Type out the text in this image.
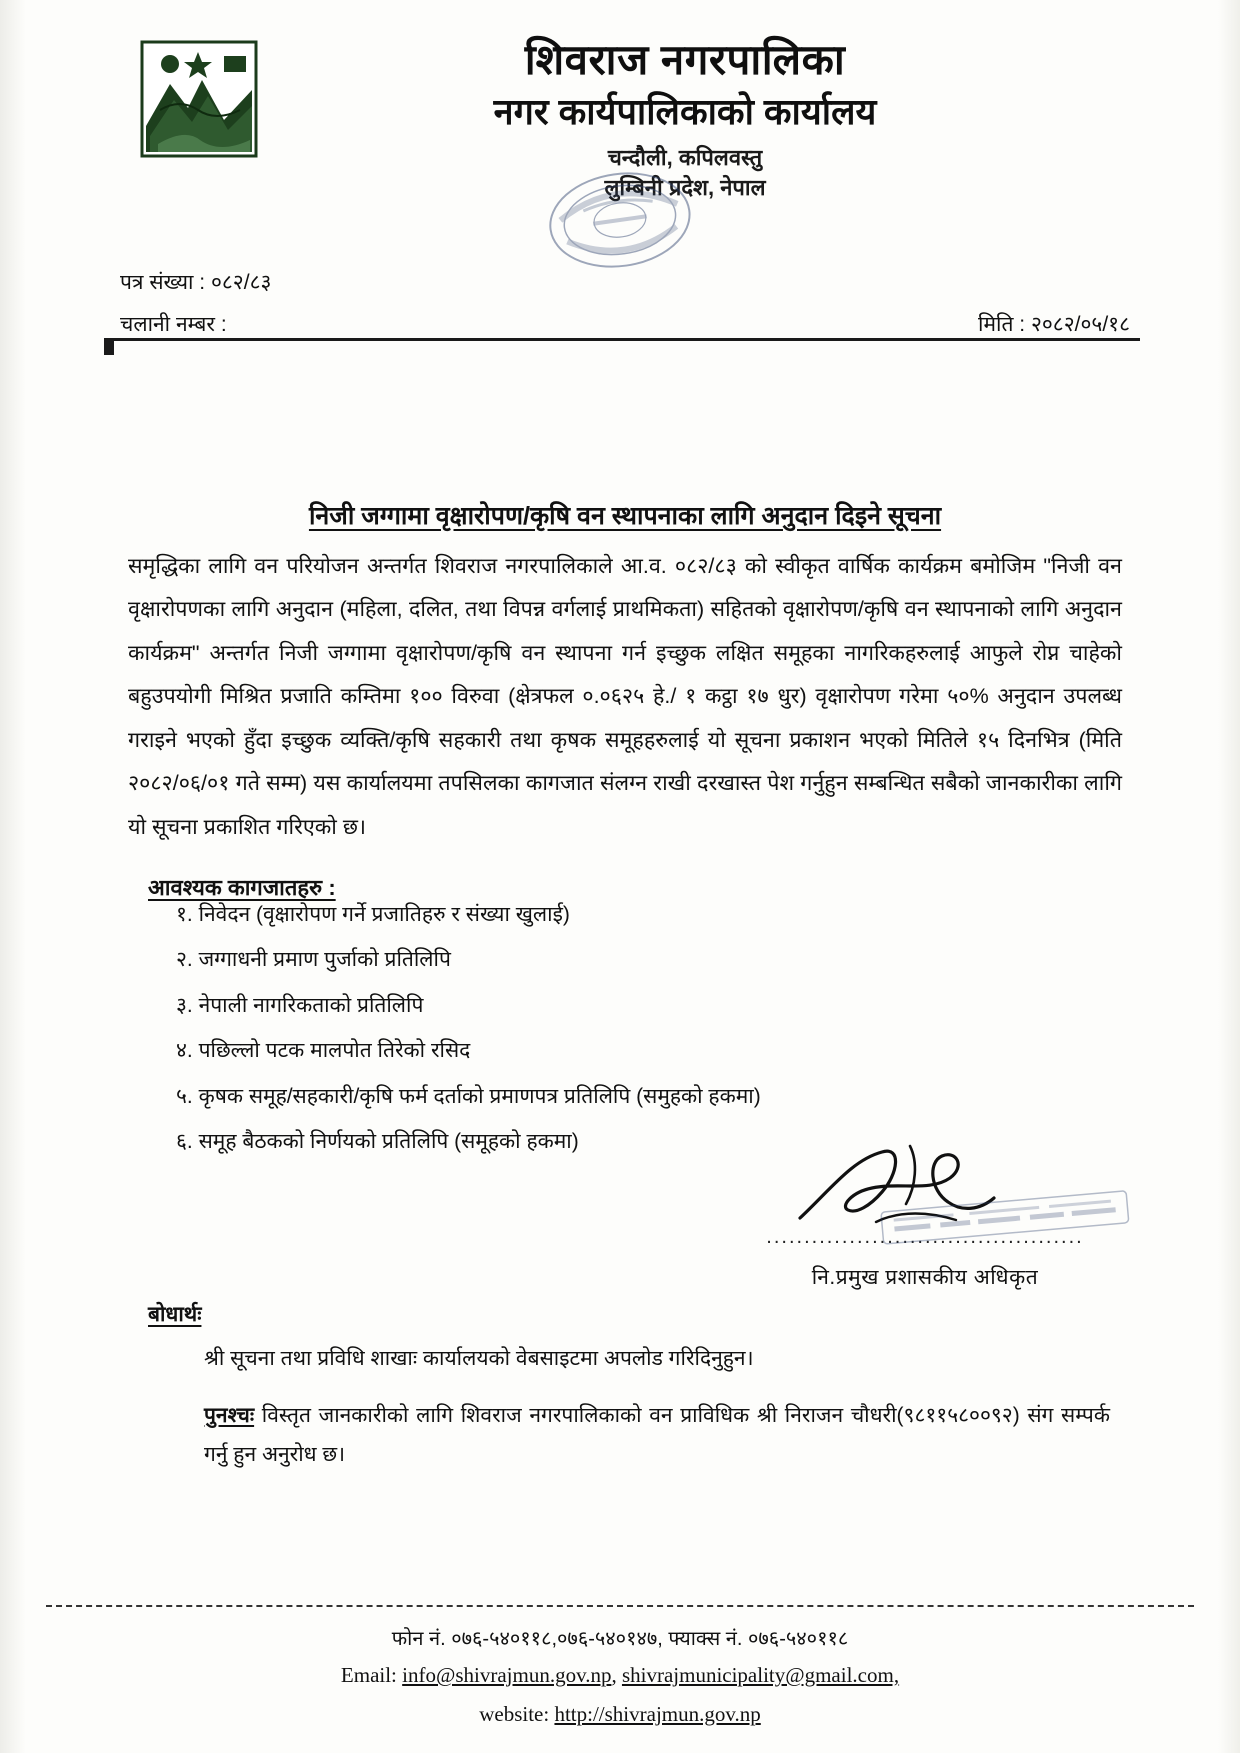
शिवराज नगरपालिका
नगर कार्यपालिकाको कार्यालय
चन्दौली, कपिलवस्तु
लुम्बिनी प्रदेश, नेपाल
पत्र संख्या : ०८२/८३
चलानी नम्बर :	मिति : २०८२/०५/१८
निजी जग्गामा वृक्षारोपण/कृषि वन स्थापनाका लागि अनुदान दिइने सूचना
समृद्धिका लागि वन परियोजन अन्तर्गत शिवराज नगरपालिकाले आ.व. ०८२/८३ को स्वीकृत वार्षिक कार्यक्रम बमोजिम "निजी वन वृक्षारोपणका लागि अनुदान (महिला, दलित, तथा विपन्न वर्गलाई प्राथमिकता) सहितको वृक्षारोपण/कृषि वन स्थापनाको लागि अनुदान कार्यक्रम" अन्तर्गत निजी जग्गामा वृक्षारोपण/कृषि वन स्थापना गर्न इच्छुक लक्षित समूहका नागरिकहरुलाई आफुले रोप्न चाहेको बहुउपयोगी मिश्रित प्रजाति कम्तिमा १०० विरुवा (क्षेत्रफल ०.०६२५ हे./ १ कट्ठा १७ धुर) वृक्षारोपण गरेमा ५०% अनुदान उपलब्ध गराइने भएको हुँदा इच्छुक व्यक्ति/कृषि सहकारी तथा कृषक समूहहरुलाई यो सूचना प्रकाशन भएको मितिले १५ दिनभित्र (मिति २०८२/०६/०१ गते सम्म) यस कार्यालयमा तपसिलका कागजात संलग्न राखी दरखास्त पेश गर्नुहुन सम्बन्धित सबैको जानकारीका लागि यो सूचना प्रकाशित गरिएको छ।
आवश्यक कागजातहरु :
१. निवेदन (वृक्षारोपण गर्ने प्रजातिहरु र संख्या खुलाई)
२. जग्गाधनी प्रमाण पुर्जाको प्रतिलिपि
३. नेपाली नागरिकताको प्रतिलिपि
४. पछिल्लो पटक मालपोत तिरेको रसिद
५. कृषक समूह/सहकारी/कृषि फर्म दर्ताको प्रमाणपत्र प्रतिलिपि (समुहको हकमा)
६. समूह बैठकको निर्णयको प्रतिलिपि (समूहको हकमा)
..........................................
नि.प्रमुख प्रशासकीय अधिकृत
बोधार्थः
श्री सूचना तथा प्रविधि शाखाः कार्यालयको वेबसाइटमा अपलोड गरिदिनुहुन।
पुनश्चः विस्तृत जानकारीको लागि शिवराज नगरपालिकाको वन प्राविधिक श्री निराजन चौधरी(९८११५८००९२) संग सम्पर्क गर्नु हुन अनुरोध छ।
फोन नं. ०७६-५४०११८,०७६-५४०१४७, फ्याक्स नं. ०७६-५४०११८
Email: info@shivrajmun.gov.np, shivrajmunicipality@gmail.com,
website: http://shivrajmun.gov.np
